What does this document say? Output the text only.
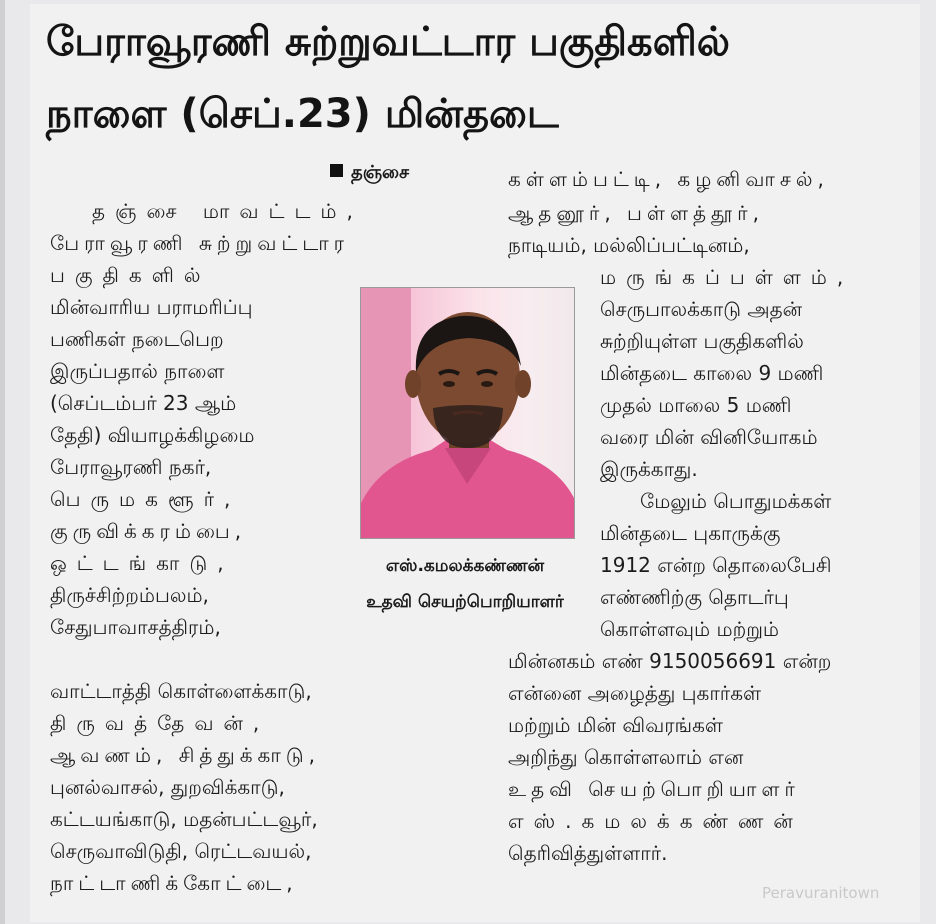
பேராவூரணி சுற்றுவட்டார பகுதிகளில்
நாளை (செப்.23) மின்தடை
தஞ்சை
தஞ்சை மாவட்டம்,
பேராவூரணி சுற்றுவட்டார
பகுதிகளில்
மின்வாரிய பராமரிப்பு
பணிகள் நடைபெற
இருப்பதால் நாளை
(செப்டம்பர் 23 ஆம்
தேதி) வியாழக்கிழமை
பேராவூரணி நகர்,
பெருமகளூர்,
குருவிக்கரம்பை,
ஒட்டங்காடு,
திருச்சிற்றம்பலம்,
சேதுபாவாசத்திரம்,
வாட்டாத்தி கொள்ளைக்காடு,
திருவத்தேவன்,
ஆவணம், சித்துக்காடு,
புனல்வாசல், துறவிக்காடு,
கட்டயங்காடு, மதன்பட்டவூர்,
செருவாவிடுதி, ரெட்டவயல்,
நாட்டாணிக்கோட்டை,
எஸ்.கமலக்கண்ணன்
உதவி செயற்பொறியாளர்
கள்ளம்பட்டி, கழனிவாசல்,
ஆதனூர், பள்ளத்தூர்,
நாடியம், மல்லிப்பட்டினம்,
மருங்கப்பள்ளம்,
செருபாலக்காடு அதன்
சுற்றியுள்ள பகுதிகளில்
மின்தடை காலை 9 மணி
முதல் மாலை 5 மணி
வரை மின் வினியோகம்
இருக்காது.
மேலும் பொதுமக்கள்
மின்தடை புகாருக்கு
1912 என்ற தொலைபேசி
எண்ணிற்கு தொடர்பு
கொள்ளவும் மற்றும்
மின்னகம் எண் 9150056691 என்ற
என்னை அழைத்து புகார்கள்
மற்றும் மின் விவரங்கள்
அறிந்து கொள்ளலாம் என
உதவி செயற்பொறியாளர்
எஸ்.கமலக்கண்ணன்
தெரிவித்துள்ளார்.
Peravuranitown
